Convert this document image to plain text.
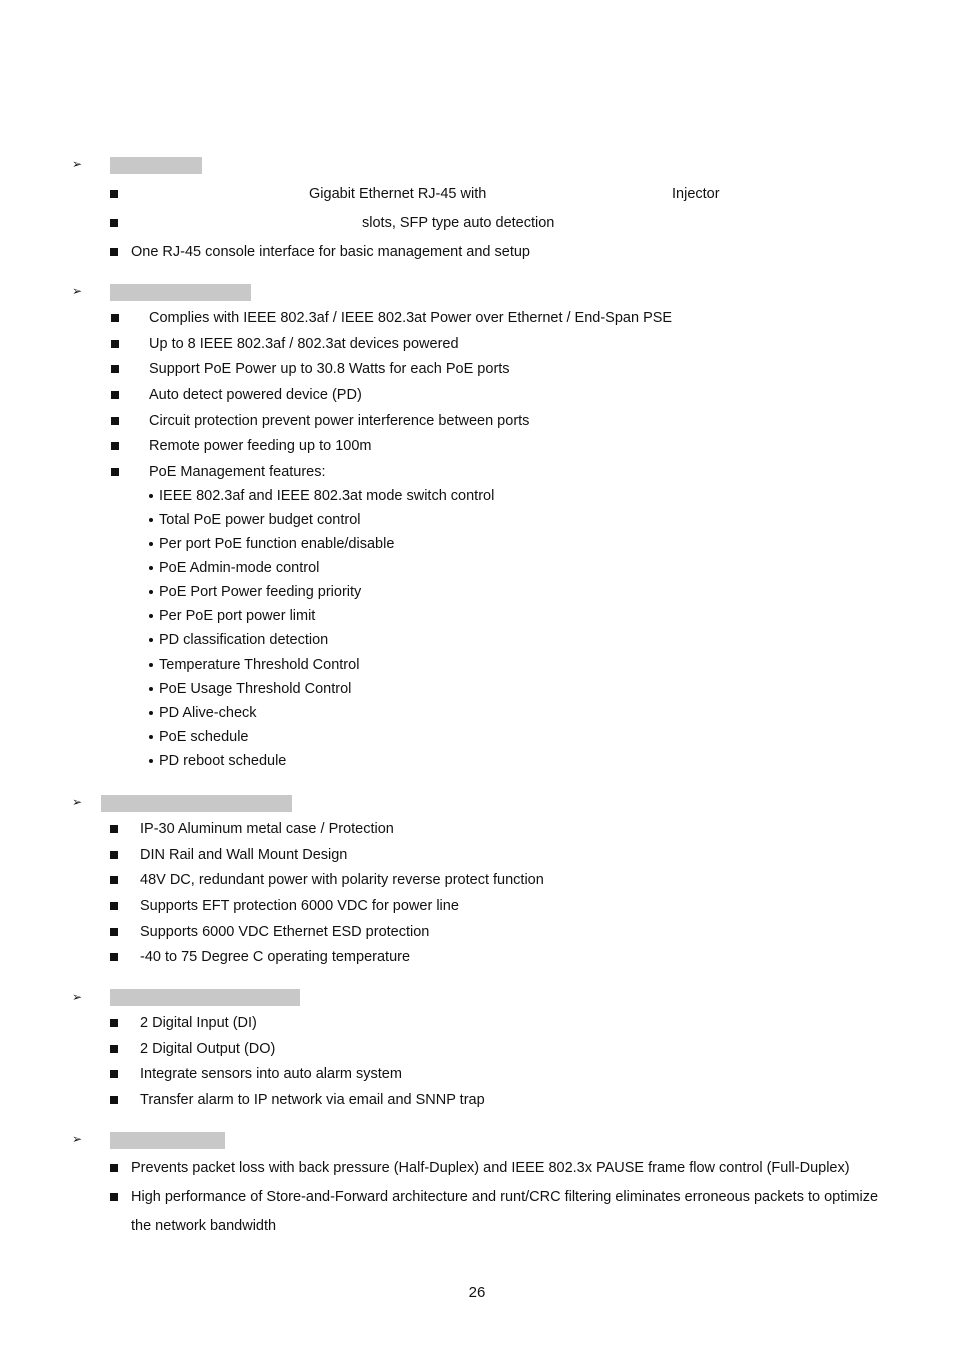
➢
Gigabit Ethernet RJ-45 with	Injector
slots, SFP type auto detection
One RJ-45 console interface for basic management and setup
➢
Complies with IEEE 802.3af / IEEE 802.3at Power over Ethernet / End-Span PSE
Up to 8 IEEE 802.3af / 802.3at devices powered
Support PoE Power up to 30.8 Watts for each PoE ports
Auto detect powered device (PD)
Circuit protection prevent power interference between ports
Remote power feeding up to 100m
PoE Management features:
IEEE 802.3af and IEEE 802.3at mode switch control
Total PoE power budget control
Per port PoE function enable/disable
PoE Admin-mode control
PoE Port Power feeding priority
Per PoE port power limit
PD classification detection
Temperature Threshold Control
PoE Usage Threshold Control
PD Alive-check
PoE schedule
PD reboot schedule
➢
IP-30 Aluminum metal case / Protection
DIN Rail and Wall Mount Design
48V DC, redundant power with polarity reverse protect function
Supports EFT protection 6000 VDC for power line
Supports 6000 VDC Ethernet ESD protection
-40 to 75 Degree C operating temperature
➢
2 Digital Input (DI)
2 Digital Output (DO)
Integrate sensors into auto alarm system
Transfer alarm to IP network via email and SNNP trap
➢
Prevents packet loss with back pressure (Half-Duplex) and IEEE 802.3x PAUSE frame flow control (Full-Duplex)
High performance of Store-and-Forward architecture and runt/CRC filtering eliminates erroneous packets to optimize
the network bandwidth
26
